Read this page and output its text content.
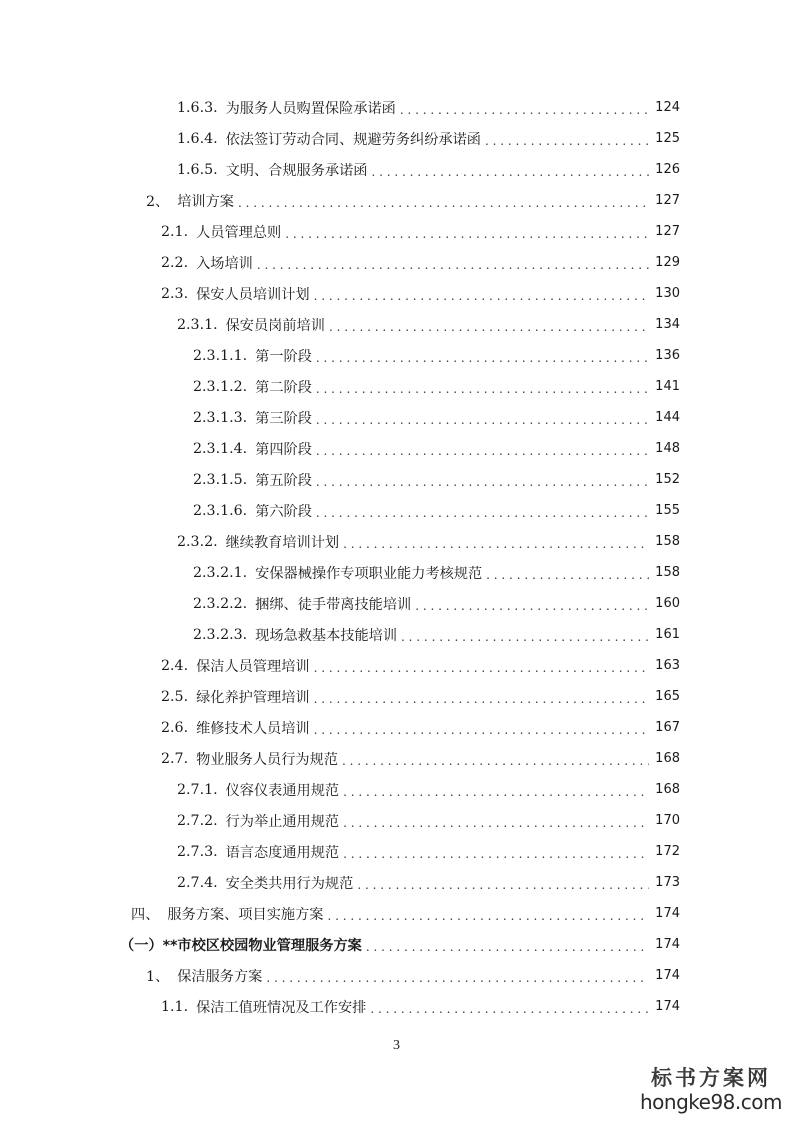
1.6.3. 为服务人员购置保险承诺函 . . .	124
1.6.4. 依法签订劳动合同、规避劳务纠纷承诺函 . . .	125
1.6.5. 文明、合规服务承诺函 . . .	126
2、 培训方案 . . .	127
2.1. 人员管理总则 . . .	127
2.2. 入场培训 . . .	129
2.3. 保安人员培训计划 . . .	130
2.3.1. 保安员岗前培训 . . .	134
2.3.1.1. 第一阶段 . . .	136
2.3.1.2. 第二阶段 . . .	141
2.3.1.3. 第三阶段 . . .	144
2.3.1.4. 第四阶段 . . .	148
2.3.1.5. 第五阶段 . . .	152
2.3.1.6. 第六阶段 . . .	155
2.3.2. 继续教育培训计划 . . .	158
2.3.2.1. 安保器械操作专项职业能力考核规范 . . .	158
2.3.2.2. 捆绑、徒手带离技能培训 . . .	160
2.3.2.3. 现场急救基本技能培训 . . .	161
2.4. 保洁人员管理培训 . . .	163
2.5. 绿化养护管理培训 . . .	165
2.6. 维修技术人员培训 . . .	167
2.7. 物业服务人员行为规范 . . .	168
2.7.1. 仪容仪表通用规范 . . .	168
2.7.2. 行为举止通用规范 . . .	170
2.7.3. 语言态度通用规范 . . .	172
2.7.4. 安全类共用行为规范 . . .	173
四、 服务方案、项目实施方案 . . .	174
（一） **市校区校园物业管理服务方案 . . .	174
1、 保洁服务方案 . . .	174
1.1. 保洁工值班情况及工作安排 . . .	174
3
标书方案网
hongke98.com
